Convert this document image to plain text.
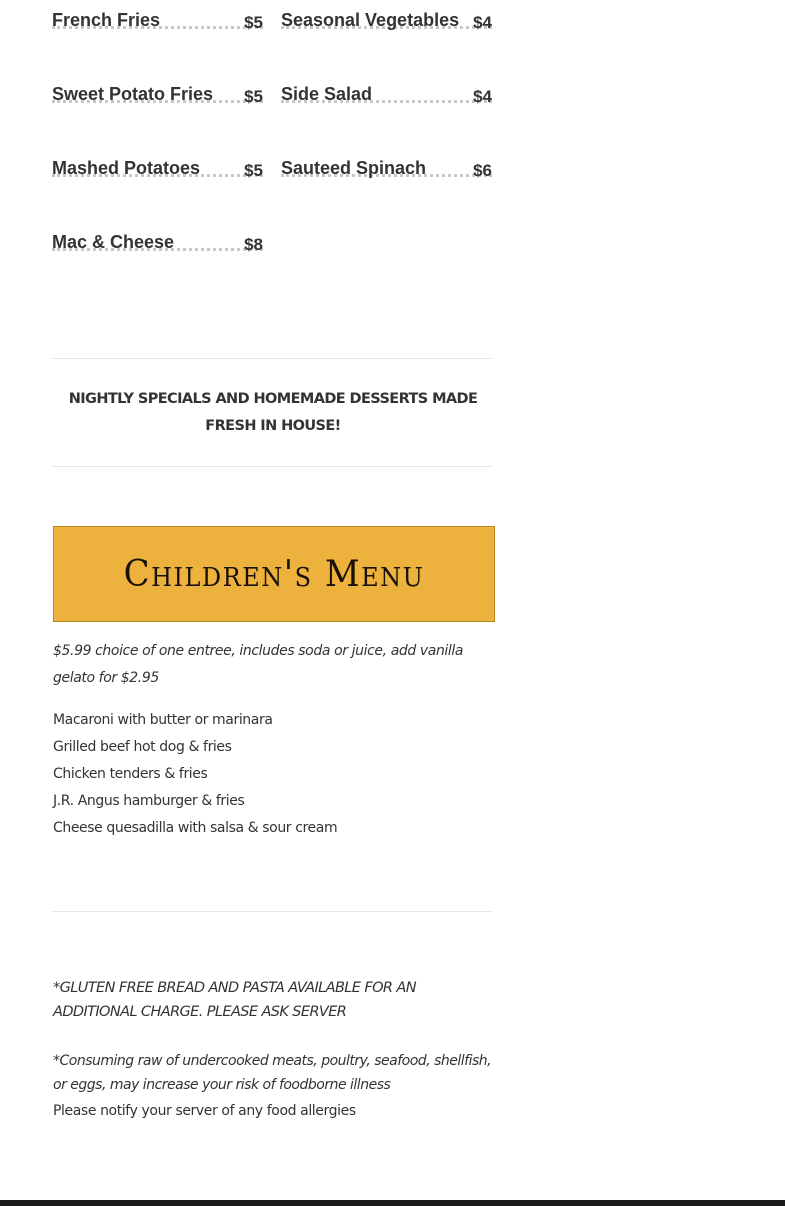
French Fries	$5 Seasonal Vegetables $4
Sweet Potato Fries $5 Side Salad	$4
Mashed Potatoes	$5 Sauteed Spinach	$6
Mac & Cheese	$8
NIGHTLY SPECIALS AND HOMEMADE DESSERTS MADE FRESH IN HOUSE!
Children's Menu
$5.99 choice of one entree, includes soda or juice, add vanilla gelato for $2.95
Macaroni with butter or marinara
Grilled beef hot dog & fries
Chicken tenders & fries
J.R. Angus hamburger & fries
Cheese quesadilla with salsa & sour cream
*GLUTEN FREE BREAD AND PASTA AVAILABLE FOR AN ADDITIONAL CHARGE. PLEASE ASK SERVER
*Consuming raw of undercooked meats, poultry, seafood, shellfish, or eggs, may increase your risk of foodborne illness
Please notify your server of any food allergies
